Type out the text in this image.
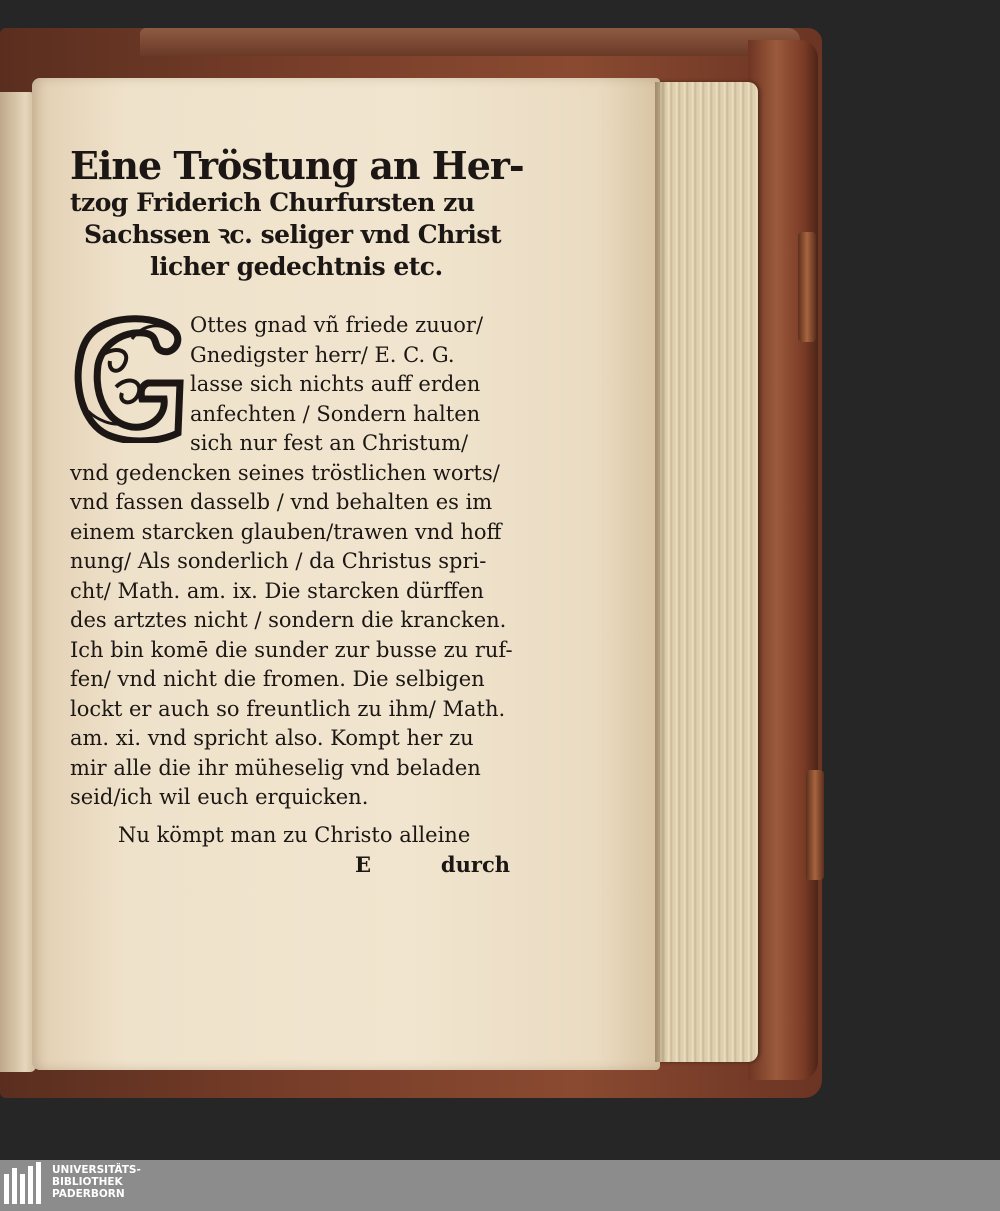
Eine Tröstung an Her-
tzog Friderich Churfursten zu
Sachssen ꝛc. seliger vnd Christ
licher gedechtnis etc.
Ottes gnad vñ friede zuuor/
Gnedigster herr/ E. C. G.
lasse sich nichts auff erden
anfechten / Sondern halten
sich nur fest an Christum/
vnd gedencken seines tröstlichen worts/
vnd fassen dasselb / vnd behalten es im
einem starcken glauben/trawen vnd hoff
nung/ Als sonderlich / da Christus spri-
cht/ Math. am. ix. Die starcken dürffen
des artztes nicht / sondern die krancken.
Ich bin komē die sunder zur busse zu ruf-
fen/ vnd nicht die fromen. Die selbigen
lockt er auch so freuntlich zu ihm/ Math.
am. xi. vnd spricht also. Kompt her zu
mir alle die ihr müheselig vnd beladen
seid/ich wil euch erquicken.
Nu kömpt man zu Christo alleine
E	durch
UNIVERSITÄTS-
BIBLIOTHEK
PADERBORN
